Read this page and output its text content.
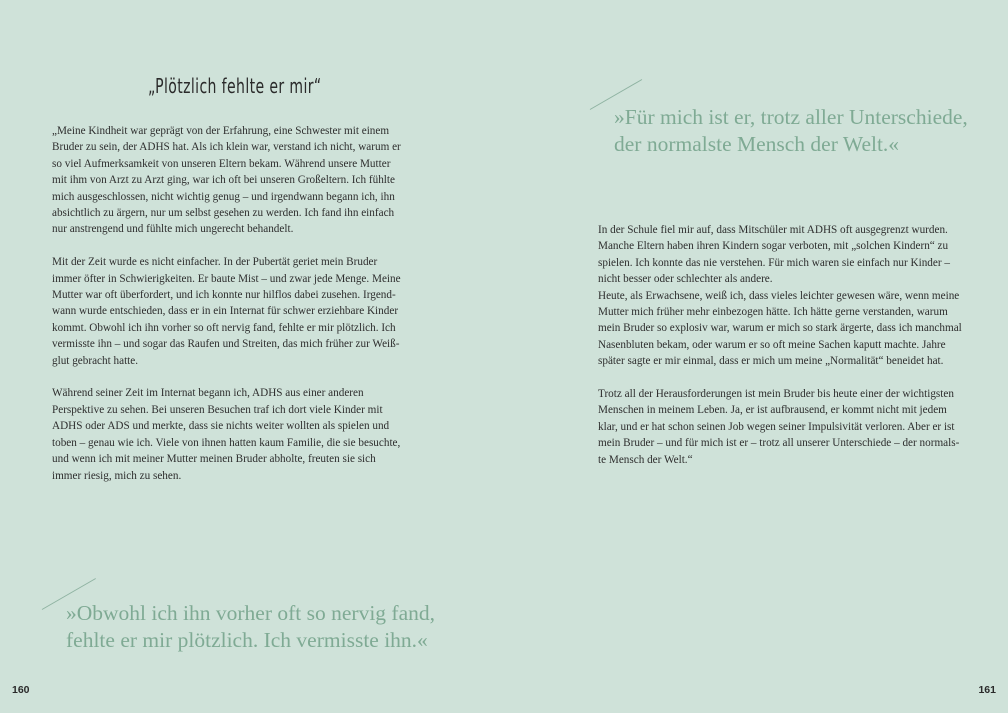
„Plötzlich fehlte er mir“

„Meine Kindheit war geprägt von der Erfahrung, eine Schwester mit einem
Bruder zu sein, der ADHS hat. Als ich klein war, verstand ich nicht, warum er
so viel Aufmerksamkeit von unseren Eltern bekam. Während unsere Mutter
mit ihm von Arzt zu Arzt ging, war ich oft bei unseren Großeltern. Ich fühlte
mich ausgeschlossen, nicht wichtig genug – und irgendwann begann ich, ihn
absichtlich zu ärgern, nur um selbst gesehen zu werden. Ich fand ihn einfach
nur anstrengend und fühlte mich ungerecht behandelt.

Mit der Zeit wurde es nicht einfacher. In der Pubertät geriet mein Bruder
immer öfter in Schwierigkeiten. Er baute Mist – und zwar jede Menge. Meine
Mutter war oft überfordert, und ich konnte nur hilflos dabei zusehen. Irgend-
wann wurde entschieden, dass er in ein Internat für schwer erziehbare Kinder
kommt. Obwohl ich ihn vorher so oft nervig fand, fehlte er mir plötzlich. Ich
vermisste ihn – und sogar das Raufen und Streiten, das mich früher zur Weiß-
glut gebracht hatte.

Während seiner Zeit im Internat begann ich, ADHS aus einer anderen
Perspektive zu sehen. Bei unseren Besuchen traf ich dort viele Kinder mit
ADHS oder ADS und merkte, dass sie nichts weiter wollten als spielen und
toben – genau wie ich. Viele von ihnen hatten kaum Familie, die sie besuchte,
und wenn ich mit meiner Mutter meinen Bruder abholte, freuten sie sich
immer riesig, mich zu sehen.

»Obwohl ich ihn vorher oft so nervig fand,
fehlte er mir plötzlich. Ich vermisste ihn.«
160
»Für mich ist er, trotz aller Unterschiede,
der normalste Mensch der Welt.«

In der Schule fiel mir auf, dass Mitschüler mit ADHS oft ausgegrenzt wurden.
Manche Eltern haben ihren Kindern sogar verboten, mit „solchen Kindern“ zu
spielen. Ich konnte das nie verstehen. Für mich waren sie einfach nur Kinder –
nicht besser oder schlechter als andere.
Heute, als Erwachsene, weiß ich, dass vieles leichter gewesen wäre, wenn meine
Mutter mich früher mehr einbezogen hätte. Ich hätte gerne verstanden, warum
mein Bruder so explosiv war, warum er mich so stark ärgerte, dass ich manchmal
Nasenbluten bekam, oder warum er so oft meine Sachen kaputt machte. Jahre
später sagte er mir einmal, dass er mich um meine „Normalität“ beneidet hat.

Trotz all der Herausforderungen ist mein Bruder bis heute einer der wichtigsten
Menschen in meinem Leben. Ja, er ist aufbrausend, er kommt nicht mit jedem
klar, und er hat schon seinen Job wegen seiner Impulsivität verloren. Aber er ist
mein Bruder – und für mich ist er – trotz all unserer Unterschiede – der normals-
te Mensch der Welt.“

161
